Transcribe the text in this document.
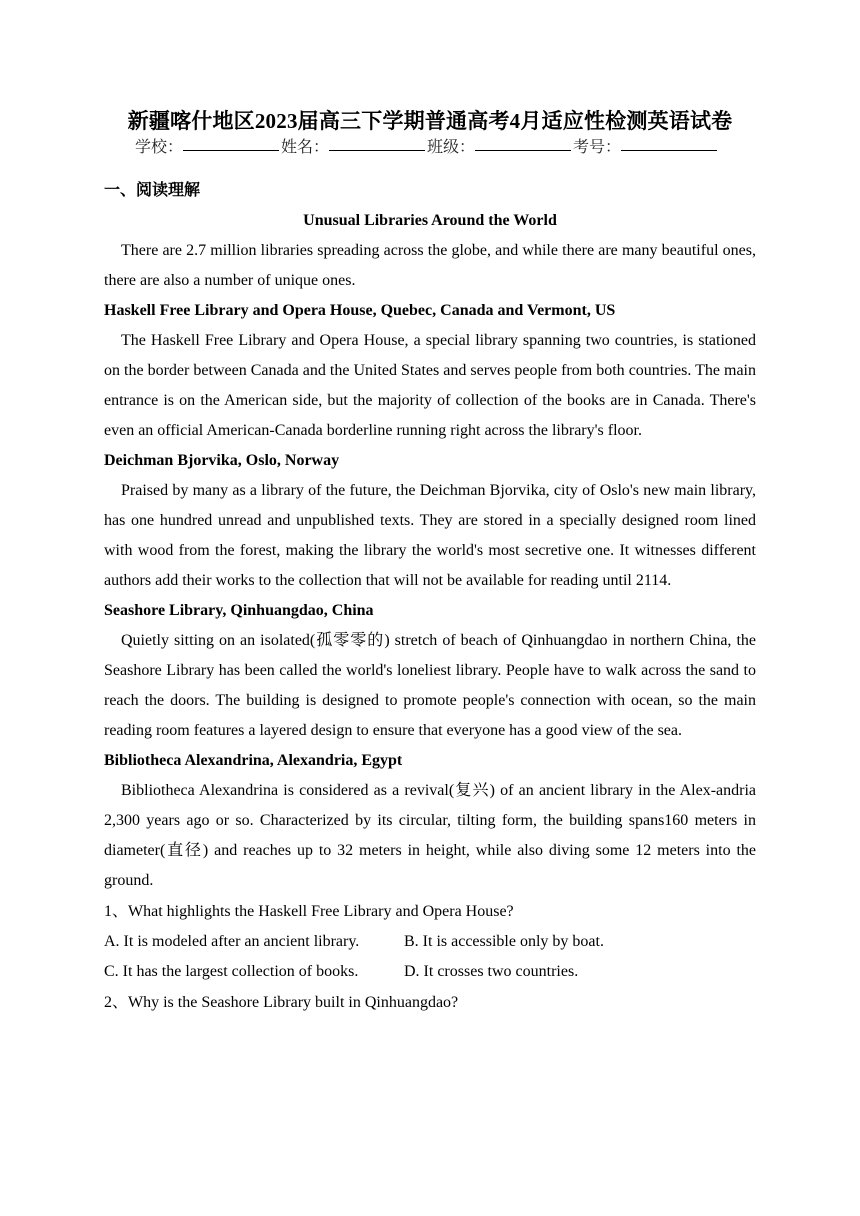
新疆喀什地区2023届高三下学期普通高考4月适应性检测英语试卷
学校：	姓名：	班级：	考号：

一、阅读理解

Unusual Libraries Around the World

There are 2.7 million libraries spreading across the globe, and while there are many beautiful ones, there are also a number of unique ones.

Haskell Free Library and Opera House, Quebec, Canada and Vermont, US

The Haskell Free Library and Opera House, a special library spanning two countries, is stationed on the border between Canada and the United States and serves people from both countries. The main entrance is on the American side, but the majority of collection of the books are in Canada. There's even an official American-Canada borderline running right across the library's floor.

Deichman Bjorvika, Oslo, Norway

Praised by many as a library of the future, the Deichman Bjorvika, city of Oslo's new main library, has one hundred unread and unpublished texts. They are stored in a specially designed room lined with wood from the forest, making the library the world's most secretive one. It witnesses different authors add their works to the collection that will not be available for reading until 2114.

Seashore Library, Qinhuangdao, China

Quietly sitting on an isolated(孤零零的) stretch of beach of Qinhuangdao in northern China, the Seashore Library has been called the world's loneliest library. People have to walk across the sand to reach the doors. The building is designed to promote people's connection with ocean, so the main reading room features a layered design to ensure that everyone has a good view of the sea.

Bibliotheca Alexandrina, Alexandria, Egypt

Bibliotheca Alexandrina is considered as a revival(复兴) of an ancient library in the Alex-andria 2,300 years ago or so. Characterized by its circular, tilting form, the building spans160 meters in diameter(直径) and reaches up to 32 meters in height, while also diving some 12 meters into the ground.

1、What highlights the Haskell Free Library and Opera House?

A. It is modeled after an ancient library.	B. It is accessible only by boat.
C. It has the largest collection of books.	D. It crosses two countries.

2、Why is the Seashore Library built in Qinhuangdao?
